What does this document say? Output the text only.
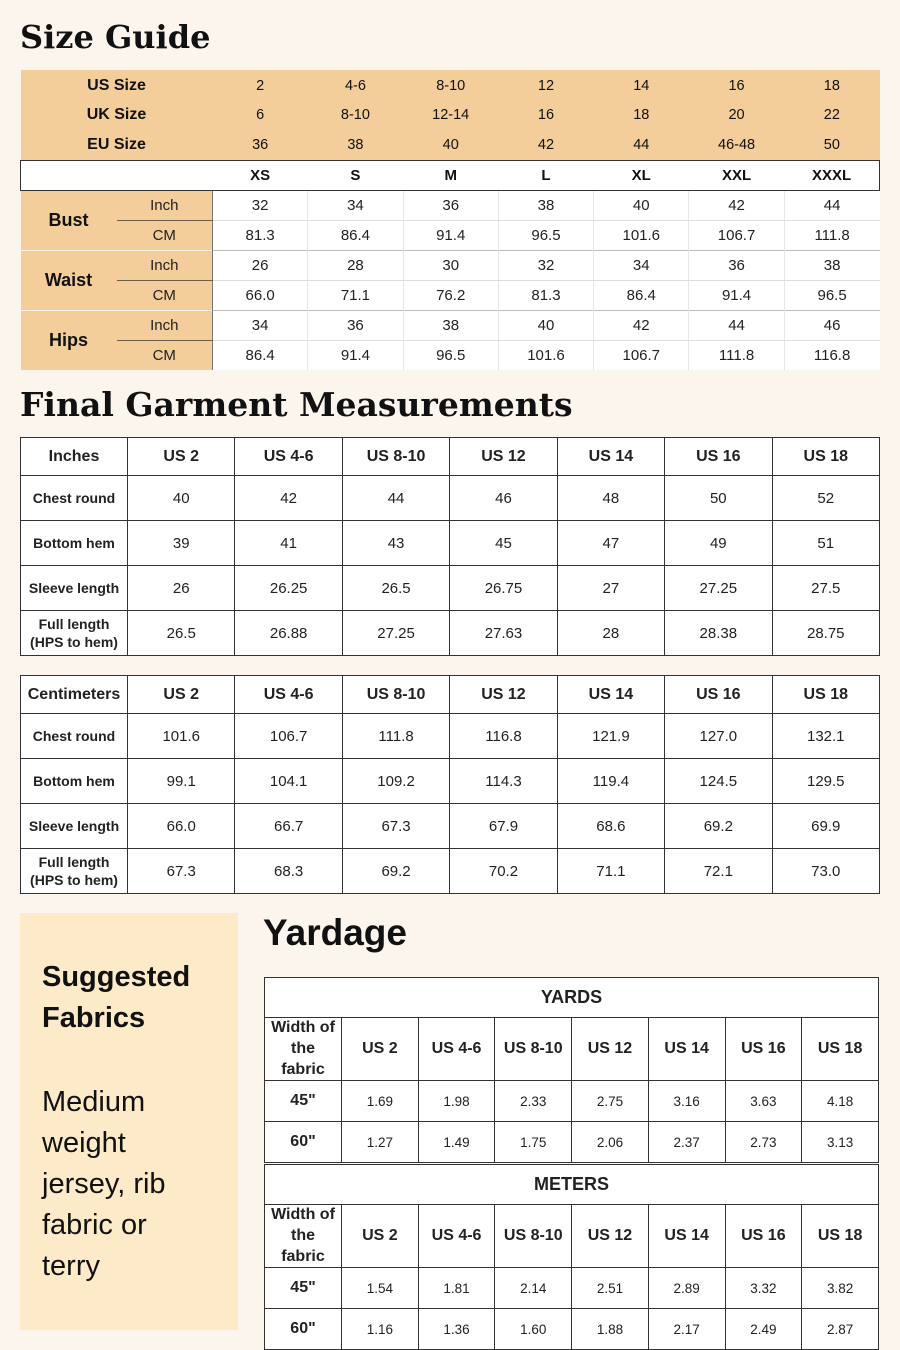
Size Guide
US Size		2	4-6	8-10	12	14	16	18
UK Size		6	8-10	12-14	16	18	20	22
EU Size		36	38	40	42	44	46-48	50
		XS	S	M	L	XL	XXL	XXXL
Bust	Inch	32	34	36	38	40	42	44
	CM	81.3	86.4	91.4	96.5	101.6	106.7	111.8
Waist	Inch	26	28	30	32	34	36	38
	CM	66.0	71.1	76.2	81.3	86.4	91.4	96.5
Hips	Inch	34	36	38	40	42	44	46
	CM	86.4	91.4	96.5	101.6	106.7	111.8	116.8
Final Garment Measurements
Inches	US 2	US 4-6	US 8-10	US 12	US 14	US 16	US 18

Chest round	40	42	44	46	48	50	52

Bottom hem	39	41	43	45	47	49	51

Sleeve length	26	26.25	26.5	26.75	27	27.25	27.5

Full length
(HPS to hem)	26.5	26.88	27.25	27.63	28	28.38	28.75
Centimeters	US 2	US 4-6	US 8-10	US 12	US 14	US 16	US 18

Chest round	101.6	106.7	111.8	116.8	121.9	127.0	132.1

Bottom hem	99.1	104.1	109.2	114.3	119.4	124.5	129.5

Sleeve length	66.0	66.7	67.3	67.9	68.6	69.2	69.9

Full length
(HPS to hem)	67.3	68.3	69.2	70.2	71.1	72.1	73.0
Suggested
Fabrics
Medium
weight
jersey, rib
fabric or
terry
Yardage
YARDS							

Width of the
fabric	US 2	US 4-6	US 8-10	US 12	US 14	US 16	US 18
45"	1.69	1.98	2.33	2.75	3.16	3.63	4.18
60"	1.27	1.49	1.75	2.06	2.37	2.73	3.13
METERS							

Width of the
fabric	US 2	US 4-6	US 8-10	US 12	US 14	US 16	US 18
45"	1.54	1.81	2.14	2.51	2.89	3.32	3.82
60"	1.16	1.36	1.60	1.88	2.17	2.49	2.87
